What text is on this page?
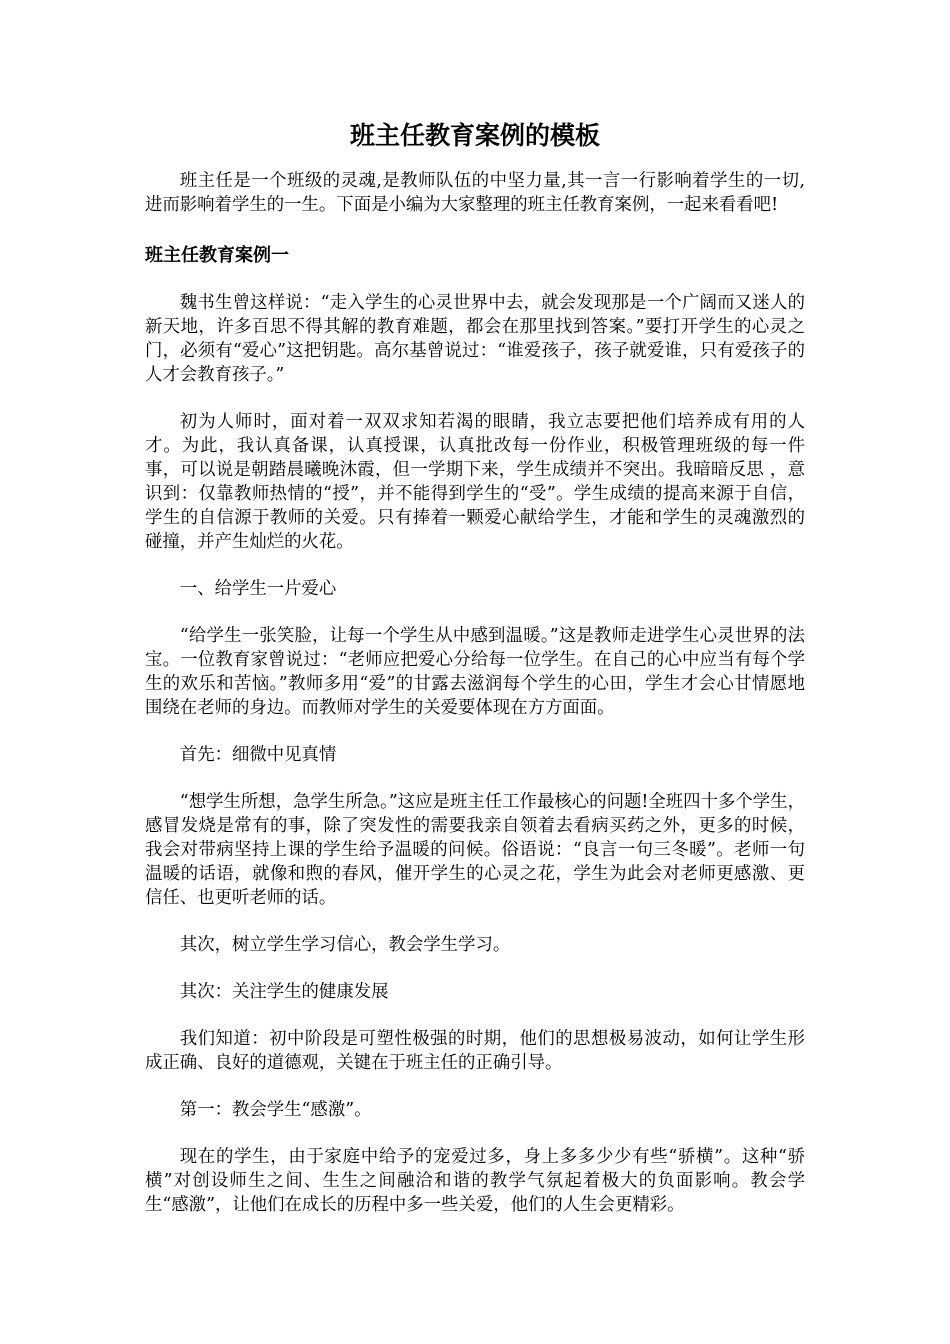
班主任教育案例的模板

班主任是一个班级的灵魂,是教师队伍的中坚力量,其一言一行影响着学生的一切,进而影响着学生的一生。下面是小编为大家整理的班主任教育案例，一起来看看吧!

班主任教育案例一

魏书生曾这样说：“走入学生的心灵世界中去，就会发现那是一个广阔而又迷人的新天地，许多百思不得其解的教育难题，都会在那里找到答案。”要打开学生的心灵之门，必须有“爱心”这把钥匙。高尔基曾说过：“谁爱孩子，孩子就爱谁，只有爱孩子的人才会教育孩子。”

初为人师时，面对着一双双求知若渴的眼睛，我立志要把他们培养成有用的人才。为此，我认真备课，认真授课，认真批改每一份作业，积极管理班级的每一件事，可以说是朝踏晨曦晚沐霞，但一学期下来，学生成绩并不突出。我暗暗反思 ，意识到：仅靠教师热情的“授”，并不能得到学生的“受”。学生成绩的提高来源于自信，学生的自信源于教师的关爱。只有捧着一颗爱心献给学生，才能和学生的灵魂激烈的碰撞，并产生灿烂的火花。

一、给学生一片爱心

“给学生一张笑脸，让每一个学生从中感到温暖。”这是教师走进学生心灵世界的法宝。一位教育家曾说过：“老师应把爱心分给每一位学生。在自己的心中应当有每个学生的欢乐和苦恼。”教师多用“爱”的甘露去滋润每个学生的心田，学生才会心甘情愿地围绕在老师的身边。而教师对学生的关爱要体现在方方面面。

首先：细微中见真情

“想学生所想，急学生所急。”这应是班主任工作最核心的问题!全班四十多个学生，感冒发烧是常有的事，除了突发性的需要我亲自领着去看病买药之外，更多的时候，我会对带病坚持上课的学生给予温暖的问候。俗语说：“良言一句三冬暖”。老师一句温暖的话语，就像和煦的春风，催开学生的心灵之花，学生为此会对老师更感激、更信任、也更听老师的话。

其次，树立学生学习信心，教会学生学习。

其次：关注学生的健康发展

我们知道：初中阶段是可塑性极强的时期，他们的思想极易波动，如何让学生形成正确、良好的道德观，关键在于班主任的正确引导。

第一：教会学生“感激”。

现在的学生，由于家庭中给予的宠爱过多，身上多多少少有些“骄横”。这种“骄横”对创设师生之间、生生之间融洽和谐的教学气氛起着极大的负面影响。教会学生“感激”，让他们在成长的历程中多一些关爱，他们的人生会更精彩。
